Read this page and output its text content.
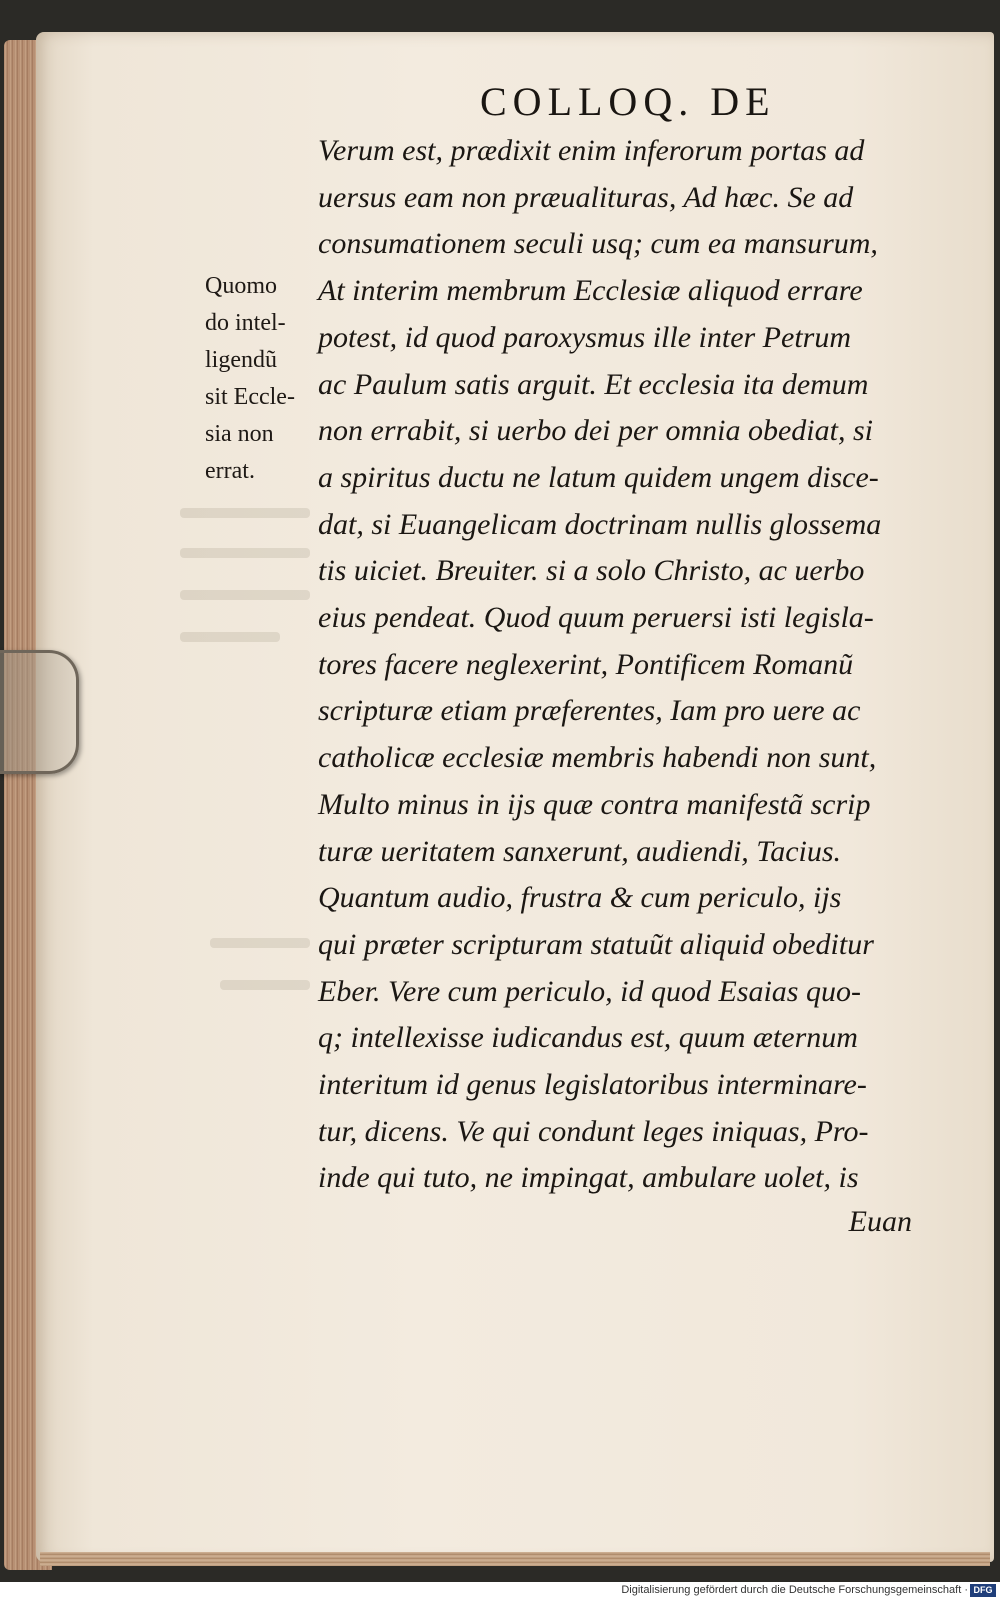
COLLOQ. DE
Quomo
do intel-
ligendũ
sit Eccle-
sia non
errat.
Verum est, prædixit enim inferorum portas ad
uersus eam non præualituras, Ad hæc. Se ad
consumationem seculi usq; cum ea mansurum,
At interim membrum Ecclesiæ aliquod errare
potest, id quod paroxysmus ille inter Petrum
ac Paulum satis arguit. Et ecclesia ita demum
non errabit, si uerbo dei per omnia obediat, si
a spiritus ductu ne latum quidem ungem disce-
dat, si Euangelicam doctrinam nullis glossema
tis uiciet. Breuiter. si a solo Christo, ac uerbo
eius pendeat. Quod quum peruersi isti legisla-
tores facere neglexerint, Pontificem Romanũ
scripturæ etiam præferentes, Iam pro uere ac
catholicæ ecclesiæ membris habendi non sunt,
Multo minus in ijs quæ contra manifestã scrip
turæ ueritatem sanxerunt, audiendi, Tacius.
Quantum audio, frustra & cum periculo, ijs
qui præter scripturam statuũt aliquid obeditur
Eber. Vere cum periculo, id quod Esaias quo-
q; intellexisse iudicandus est, quum æternum
interitum id genus legislatoribus interminare-
tur, dicens. Ve qui condunt leges iniquas, Pro-
inde qui tuto, ne impingat, ambulare uolet, is
Euan
Digitalisierung gefördert durch die Deutsche Forschungsgemeinschaft · DFG
